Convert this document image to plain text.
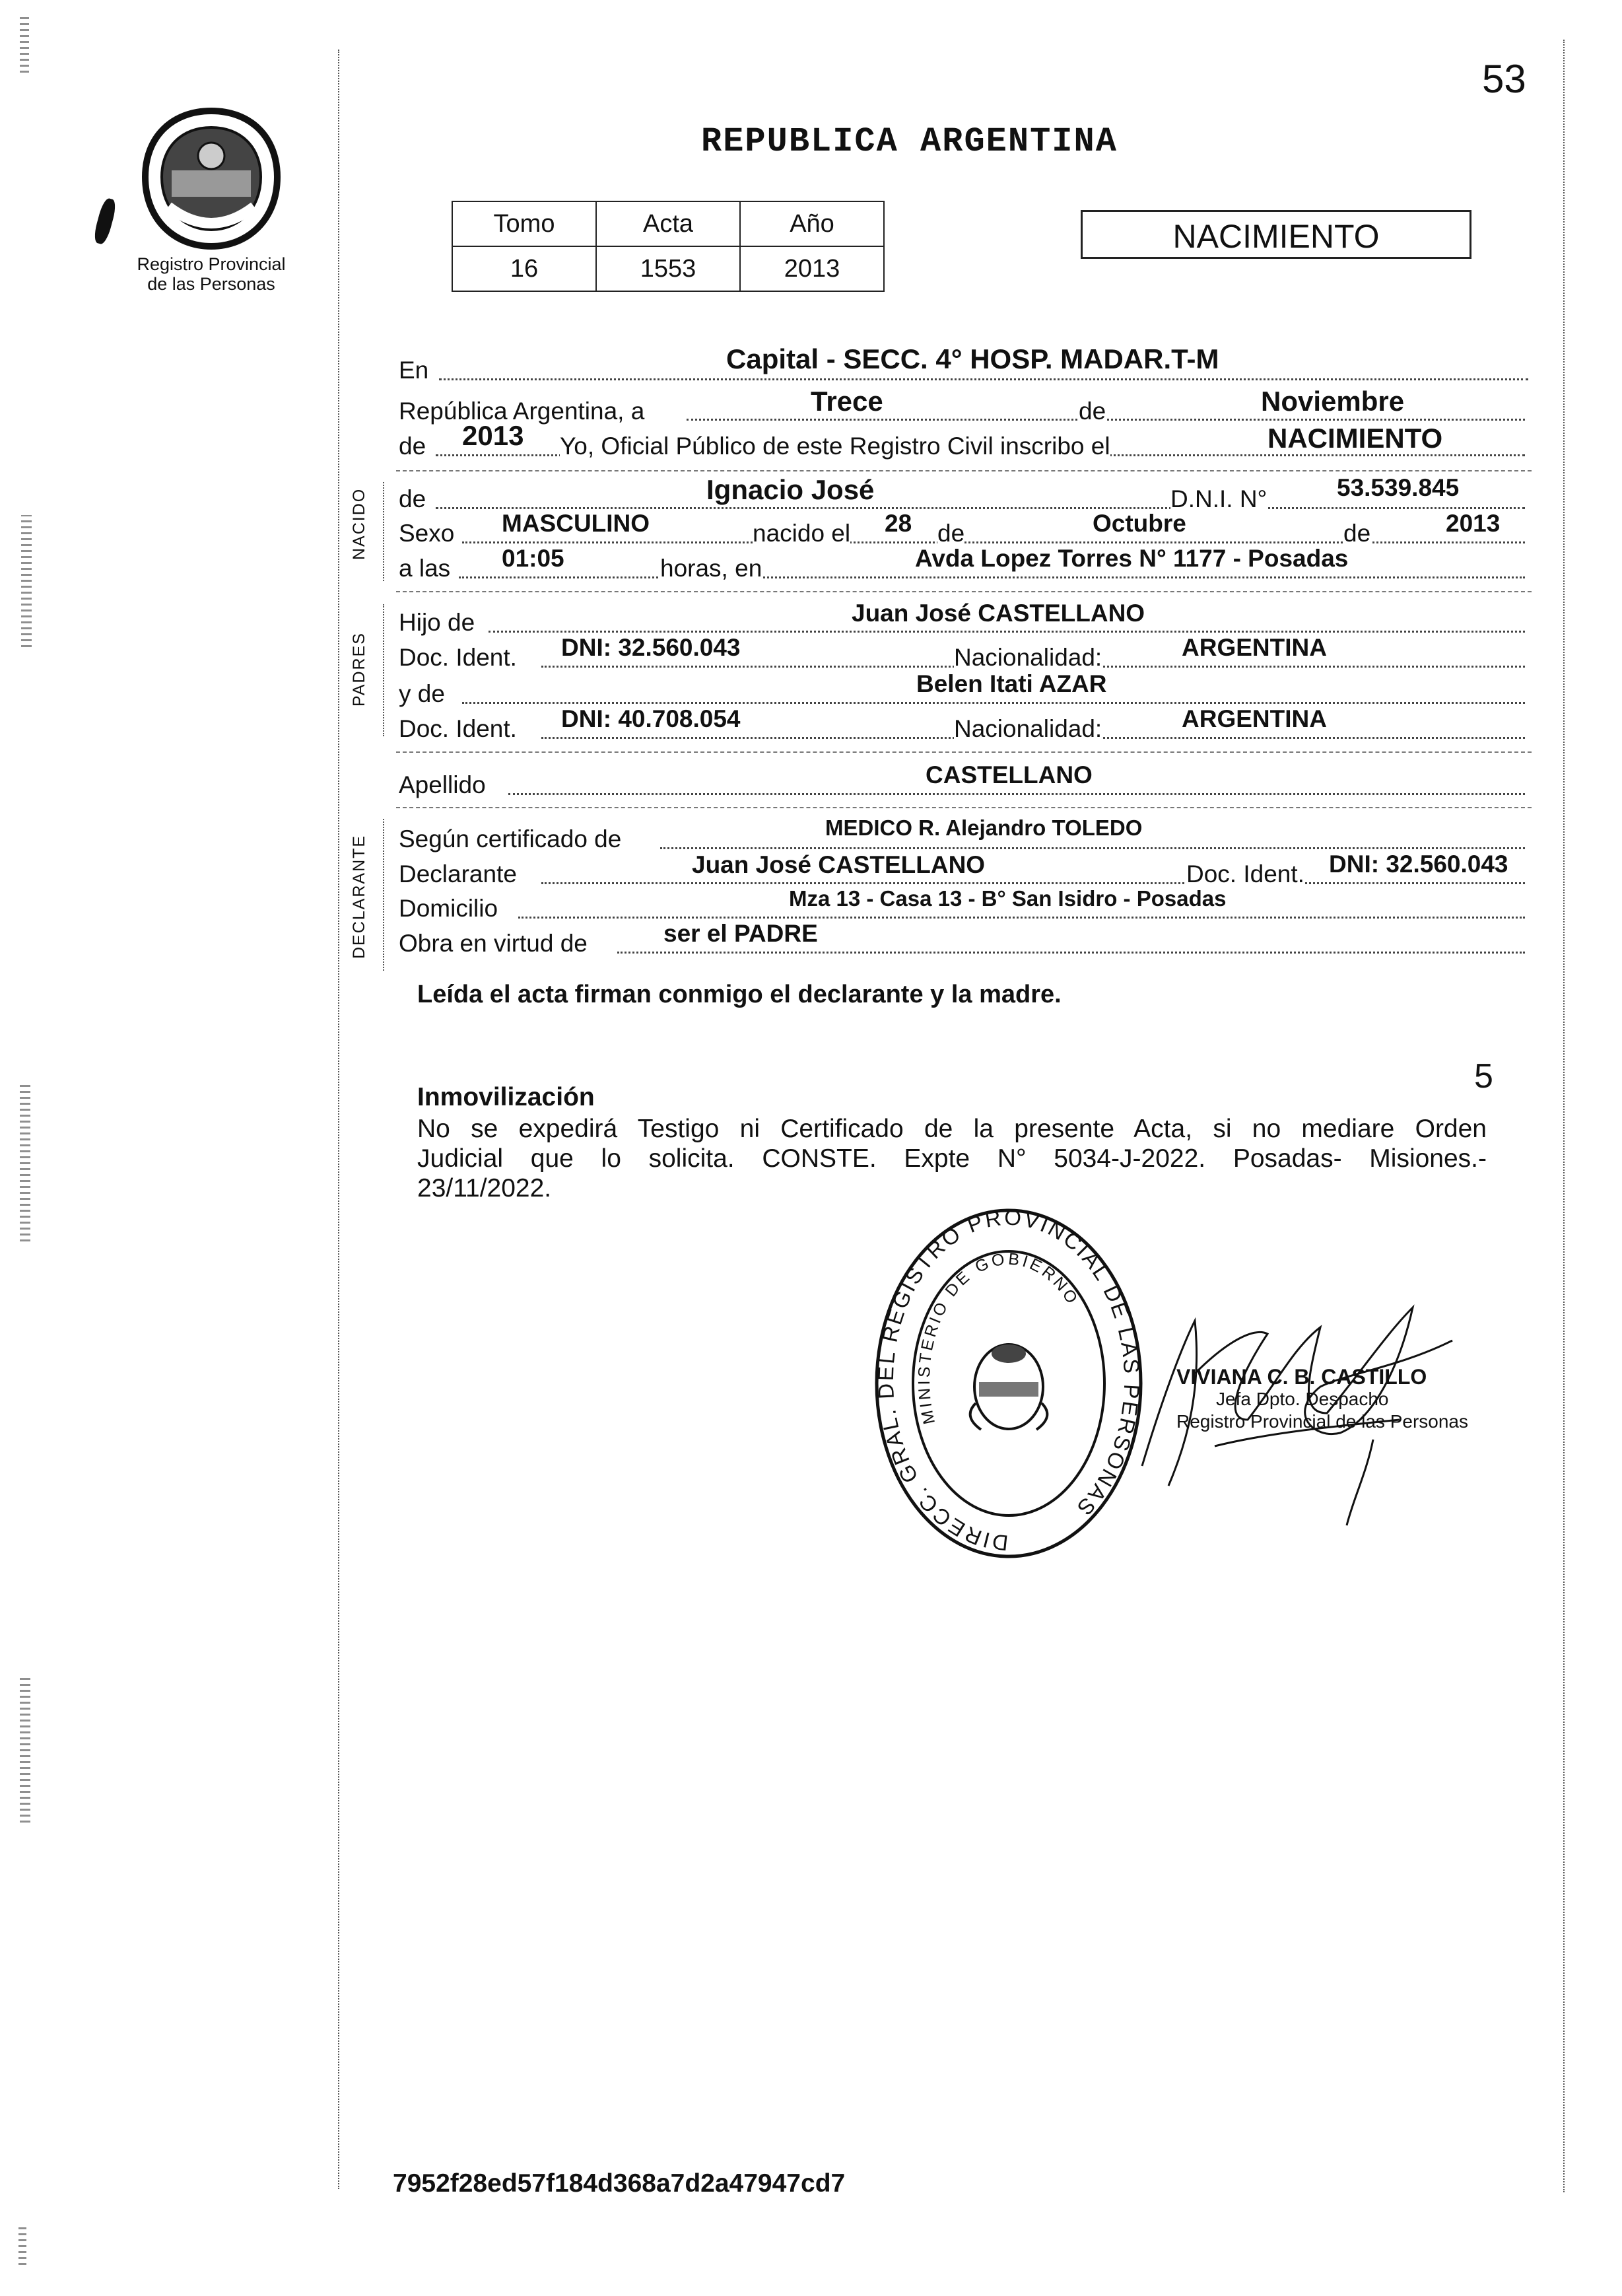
53
Registro Provincial
de las Personas
REPUBLICA ARGENTINA
Tomo	Acta	Año
16	1553	2013
NACIMIENTO
En	Capital - SECC. 4° HOSP. MADAR.T-M
República Argentina, a	Trece	de	Noviembre
de 2013 Yo, Oficial Público de este Registro Civil inscribo el	NACIMIENTO
NACIDO de	Ignacio José	D.N.I. N°	53.539.845
Sexo MASCULINO	nacido el 28 de	Octubre	de	2013
a las 01:05	horas, en	Avda Lopez Torres N° 1177 - Posadas
PADRES
Hijo de	Juan José CASTELLANO
Doc. Ident. DNI: 32.560.043	Nacionalidad:	ARGENTINA
y de	Belen Itati AZAR
Doc. Ident. DNI: 40.708.054	Nacionalidad:	ARGENTINA
Apellido	CASTELLANO
DECLARANTE Según certificado de	MEDICO R. Alejandro TOLEDO
Declarante	Juan José CASTELLANO	Doc. Ident. DNI: 32.560.043
Domicilio	Mza 13 - Casa 13 - B° San Isidro - Posadas
Obra en virtud de	ser el PADRE
Leída el acta firman conmigo el declarante y la madre.
5
Inmovilización
No se expedirá Testigo ni Certificado de la presente Acta, si no mediare Orden
Judicial que lo solicita. CONSTE. Expte N° 5034-J-2022. Posadas- Misiones.-
23/11/2022.
DIRECC. GRAL. DEL REGISTRO PROVINCIAL DE LAS PERSONAS
MINISTERIO DE GOBIERNO
VIVIANA C. B. CASTILLO
Jefa Dpto. Despacho
Registro Provincial de las Personas
7952f28ed57f184d368a7d2a47947cd7
